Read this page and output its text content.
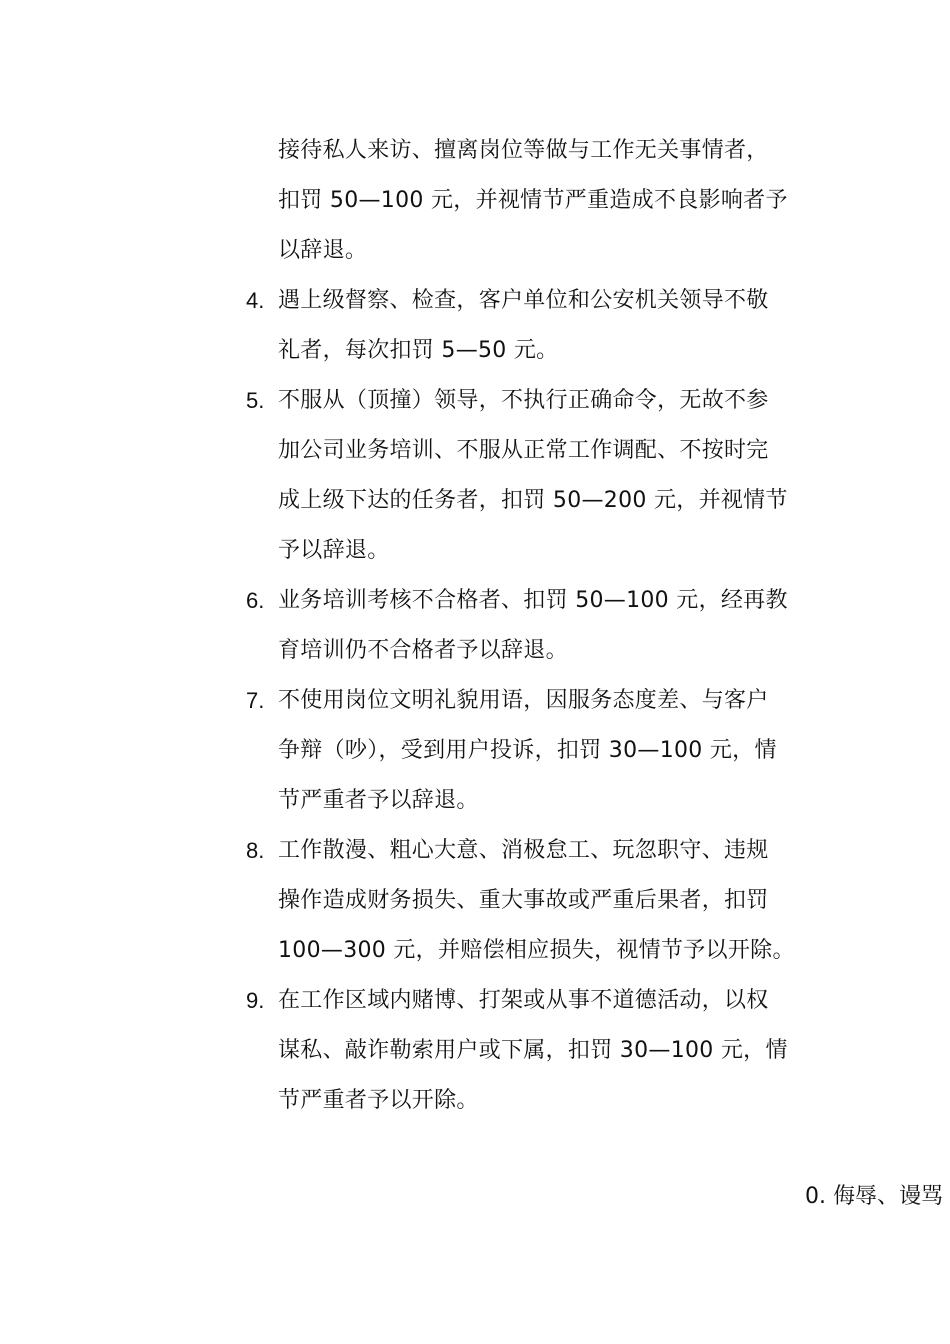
接待私人来访、擅离岗位等做与工作无关事情者，
扣罚 50—100 元，并视情节严重造成不良影响者予
以辞退。
4. 遇上级督察、检查，客户单位和公安机关领导不敬
礼者，每次扣罚 5—50 元。
5. 不服从（顶撞）领导，不执行正确命令，无故不参
加公司业务培训、不服从正常工作调配、不按时完
成上级下达的任务者，扣罚 50—200 元，并视情节
予以辞退。
6. 业务培训考核不合格者、扣罚 50—100 元，经再教
育培训仍不合格者予以辞退。
7. 不使用岗位文明礼貌用语，因服务态度差、与客户
争辩（吵），受到用户投诉，扣罚 30—100 元，情
节严重者予以辞退。
8. 工作散漫、粗心大意、消极怠工、玩忽职守、违规
操作造成财务损失、重大事故或严重后果者，扣罚
100—300 元，并赔偿相应损失，视情节予以开除。
9. 在工作区域内赌博、打架或从事不道德活动，以权
谋私、敲诈勒索用户或下属，扣罚 30—100 元，情
节严重者予以开除。
0. 侮辱、谩骂
